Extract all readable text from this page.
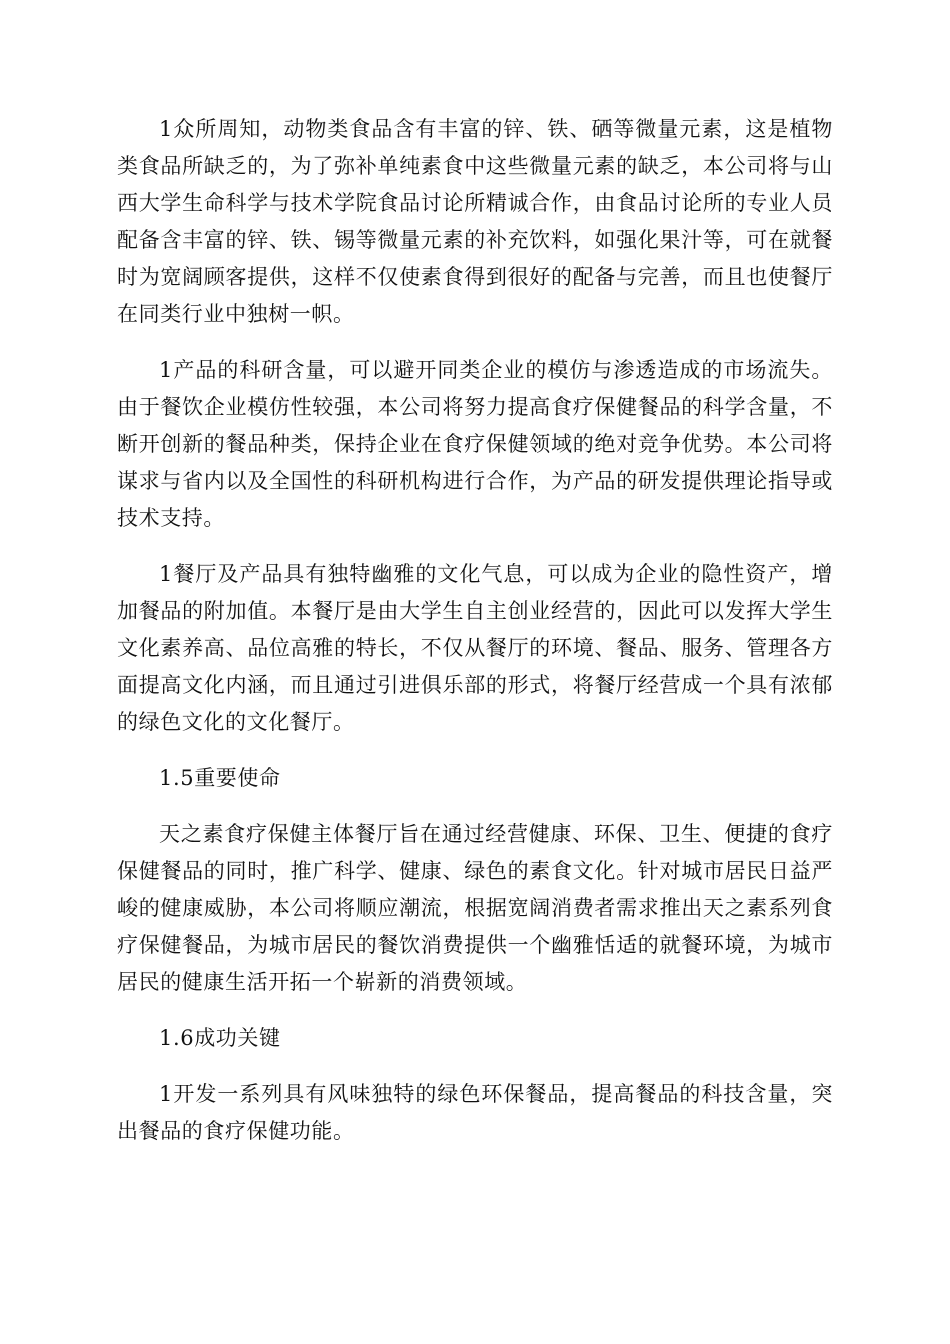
1众所周知，动物类食品含有丰富的锌、铁、硒等微量元素，这是植物类食品所缺乏的，为了弥补单纯素食中这些微量元素的缺乏，本公司将与山西大学生命科学与技术学院食品讨论所精诚合作，由食品讨论所的专业人员配备含丰富的锌、铁、锡等微量元素的补充饮料，如强化果汁等，可在就餐时为宽阔顾客提供，这样不仅使素食得到很好的配备与完善，而且也使餐厅在同类行业中独树一帜。

1产品的科研含量，可以避开同类企业的模仿与渗透造成的市场流失。由于餐饮企业模仿性较强，本公司将努力提高食疗保健餐品的科学含量，不断开创新的餐品种类，保持企业在食疗保健领域的绝对竞争优势。本公司将谋求与省内以及全国性的科研机构进行合作，为产品的研发提供理论指导或技术支持。

1餐厅及产品具有独特幽雅的文化气息，可以成为企业的隐性资产，增加餐品的附加值。本餐厅是由大学生自主创业经营的，因此可以发挥大学生文化素养高、品位高雅的特长，不仅从餐厅的环境、餐品、服务、管理各方面提高文化内涵，而且通过引进俱乐部的形式，将餐厅经营成一个具有浓郁的绿色文化的文化餐厅。

1.5重要使命

天之素食疗保健主体餐厅旨在通过经营健康、环保、卫生、便捷的食疗保健餐品的同时，推广科学、健康、绿色的素食文化。针对城市居民日益严峻的健康威胁，本公司将顺应潮流，根据宽阔消费者需求推出天之素系列食疗保健餐品，为城市居民的餐饮消费提供一个幽雅恬适的就餐环境，为城市居民的健康生活开拓一个崭新的消费领域。

1.6成功关键

1开发一系列具有风味独特的绿色环保餐品，提高餐品的科技含量，突出餐品的食疗保健功能。
